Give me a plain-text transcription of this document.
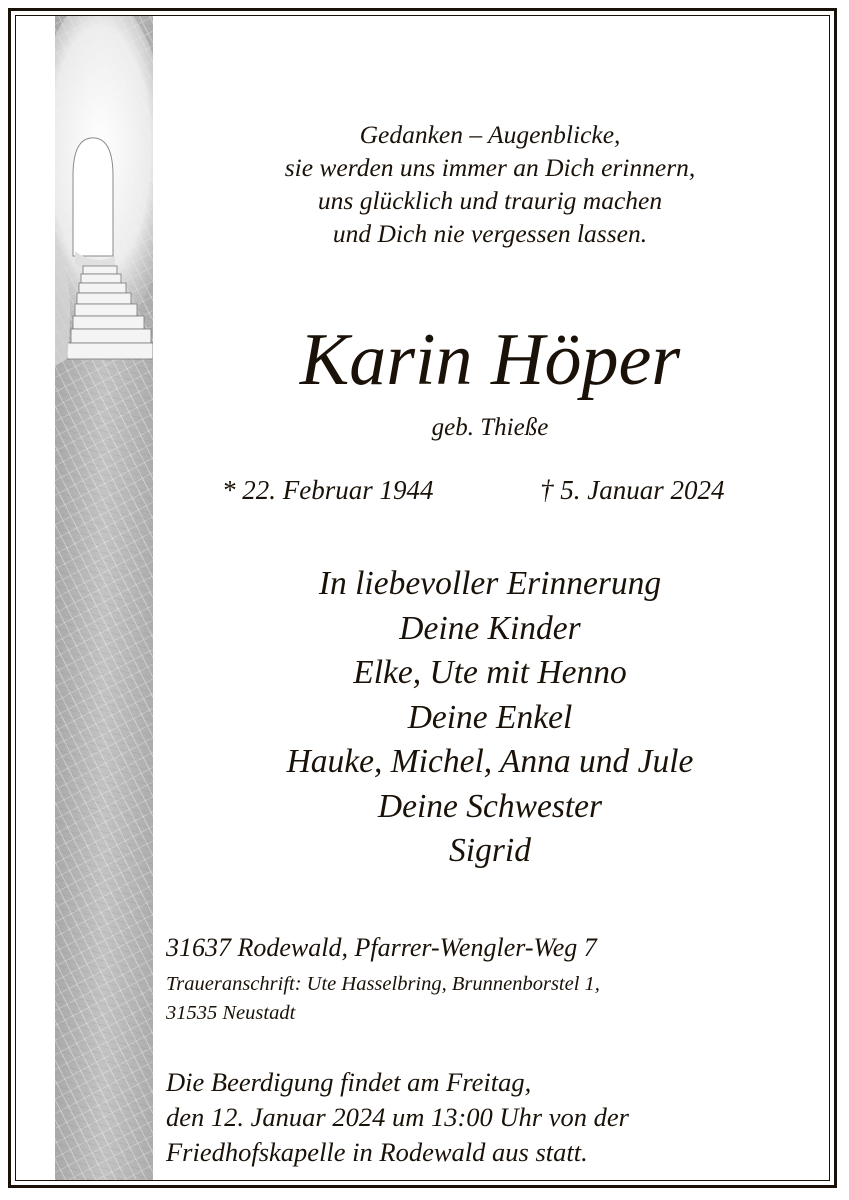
Gedanken – Augenblicke,
sie werden uns immer an Dich erinnern,
uns glücklich und traurig machen
und Dich nie vergessen lassen.
Karin Höper
geb. Thieße
* 22. Februar 1944	† 5. Januar 2024
In liebevoller Erinnerung
Deine Kinder
Elke, Ute mit Henno
Deine Enkel
Hauke, Michel, Anna und Jule
Deine Schwester
Sigrid
31637 Rodewald, Pfarrer-Wengler-Weg 7
Traueranschrift: Ute Hasselbring, Brunnenborstel 1,
31535 Neustadt
Die Beerdigung findet am Freitag,
den 12. Januar 2024 um 13:00 Uhr von der
Friedhofskapelle in Rodewald aus statt.
